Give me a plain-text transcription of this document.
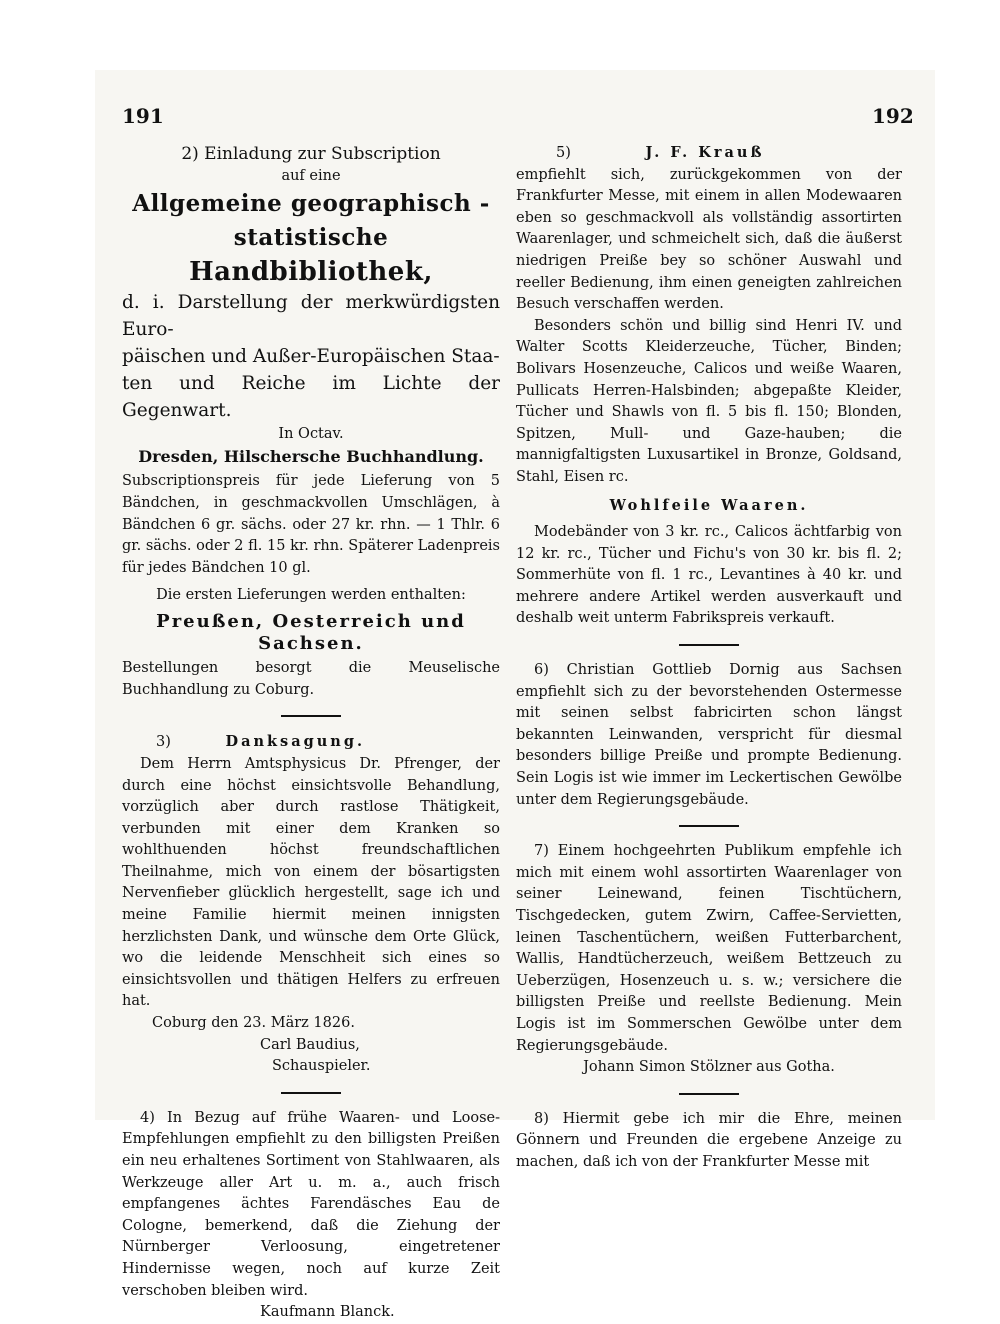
191	192
2) Einladung zur Subscription
auf eine
Allgemeine geographisch - statistische
Handbibliothek,
d. i. Darstellung der merkwürdigsten Euro-
päischen und Außer-Europäischen Staa-
ten und Reiche im Lichte der Gegenwart.
In Octav.
Dresden, Hilschersche Buchhandlung.

Subscriptionspreis für jede Lieferung von 5 Bändchen, in geschmackvollen Umschlägen, à Bändchen 6 gr. sächs. oder 27 kr. rhn. — 1 Thlr. 6 gr. sächs. oder 2 fl. 15 kr. rhn. Späterer Ladenpreis für jedes Bändchen 10 gl.

Die ersten Lieferungen werden enthalten:
Preußen, Oesterreich und Sachsen.

Bestellungen besorgt die Meuselische Buchhandlung zu Coburg.

3)	Danksagung.

Dem Herrn Amtsphysicus Dr. Pfrenger, der durch eine höchst einsichtsvolle Behandlung, vorzüglich aber durch rastlose Thätigkeit, verbunden mit einer dem Kranken so wohlthuenden höchst freundschaftlichen Theilnahme, mich von einem der bösartigsten Nervenfieber glücklich hergestellt, sage ich und meine Familie hiermit meinen innigsten herzlichsten Dank, und wünsche dem Orte Glück, wo die leidende Menschheit sich eines so einsichtsvollen und thätigen Helfers zu erfreuen hat.

Coburg den 23. März 1826.
Carl Baudius,
Schauspieler.

4) In Bezug auf frühe Waaren- und Loose-Empfehlungen empfiehlt zu den billigsten Preißen ein neu erhaltenes Sortiment von Stahlwaaren, als Werkzeuge aller Art u. m. a., auch frisch empfangenes ächtes Farendäsches Eau de Cologne, bemerkend, daß die Ziehung der Nürnberger Verloosung, eingetretener Hindernisse wegen, noch auf kurze Zeit verschoben bleiben wird.

Kaufmann Blanck.
5)	J. F. Krauß

empfiehlt sich, zurückgekommen von der Frankfurter Messe, mit einem in allen Modewaaren eben so geschmackvoll als vollständig assortirten Waarenlager, und schmeichelt sich, daß die äußerst niedrigen Preiße bey so schöner Auswahl und reeller Bedienung, ihm einen geneigten zahlreichen Besuch verschaffen werden.

Besonders schön und billig sind Henri IV. und Walter Scotts Kleiderzeuche, Tücher, Binden; Bolivars Hosenzeuche, Calicos und weiße Waaren, Pullicats Herren-Halsbinden; abgepaßte Kleider, Tücher und Shawls von fl. 5 bis fl. 150; Blonden, Spitzen, Mull- und Gaze-hauben; die mannigfaltigsten Luxusartikel in Bronze, Goldsand, Stahl, Eisen rc.

Wohlfeile Waaren.

Modebänder von 3 kr. rc., Calicos ächtfarbig von 12 kr. rc., Tücher und Fichu's von 30 kr. bis fl. 2; Sommerhüte von fl. 1 rc., Levantines à 40 kr. und mehrere andere Artikel werden ausverkauft und deshalb weit unterm Fabrikspreis verkauft.

6) Christian Gottlieb Dornig aus Sachsen empfiehlt sich zu der bevorstehenden Ostermesse mit seinen selbst fabricirten schon längst bekannten Leinwanden, verspricht für diesmal besonders billige Preiße und prompte Bedienung. Sein Logis ist wie immer im Leckertischen Gewölbe unter dem Regierungsgebäude.

7) Einem hochgeehrten Publikum empfehle ich mich mit einem wohl assortirten Waarenlager von seiner Leinewand, feinen Tischtüchern, Tischgedecken, gutem Zwirn, Caffee-Servietten, leinen Taschentüchern, weißen Futterbarchent, Wallis, Handtücherzeuch, weißem Bettzeuch zu Ueberzügen, Hosenzeuch u. s. w.; versichere die billigsten Preiße und reellste Bedienung. Mein Logis ist im Sommerschen Gewölbe unter dem Regierungsgebäude.

Johann Simon Stölzner aus Gotha.

8) Hiermit gebe ich mir die Ehre, meinen Gönnern und Freunden die ergebene Anzeige zu machen, daß ich von der Frankfurter Messe mit
